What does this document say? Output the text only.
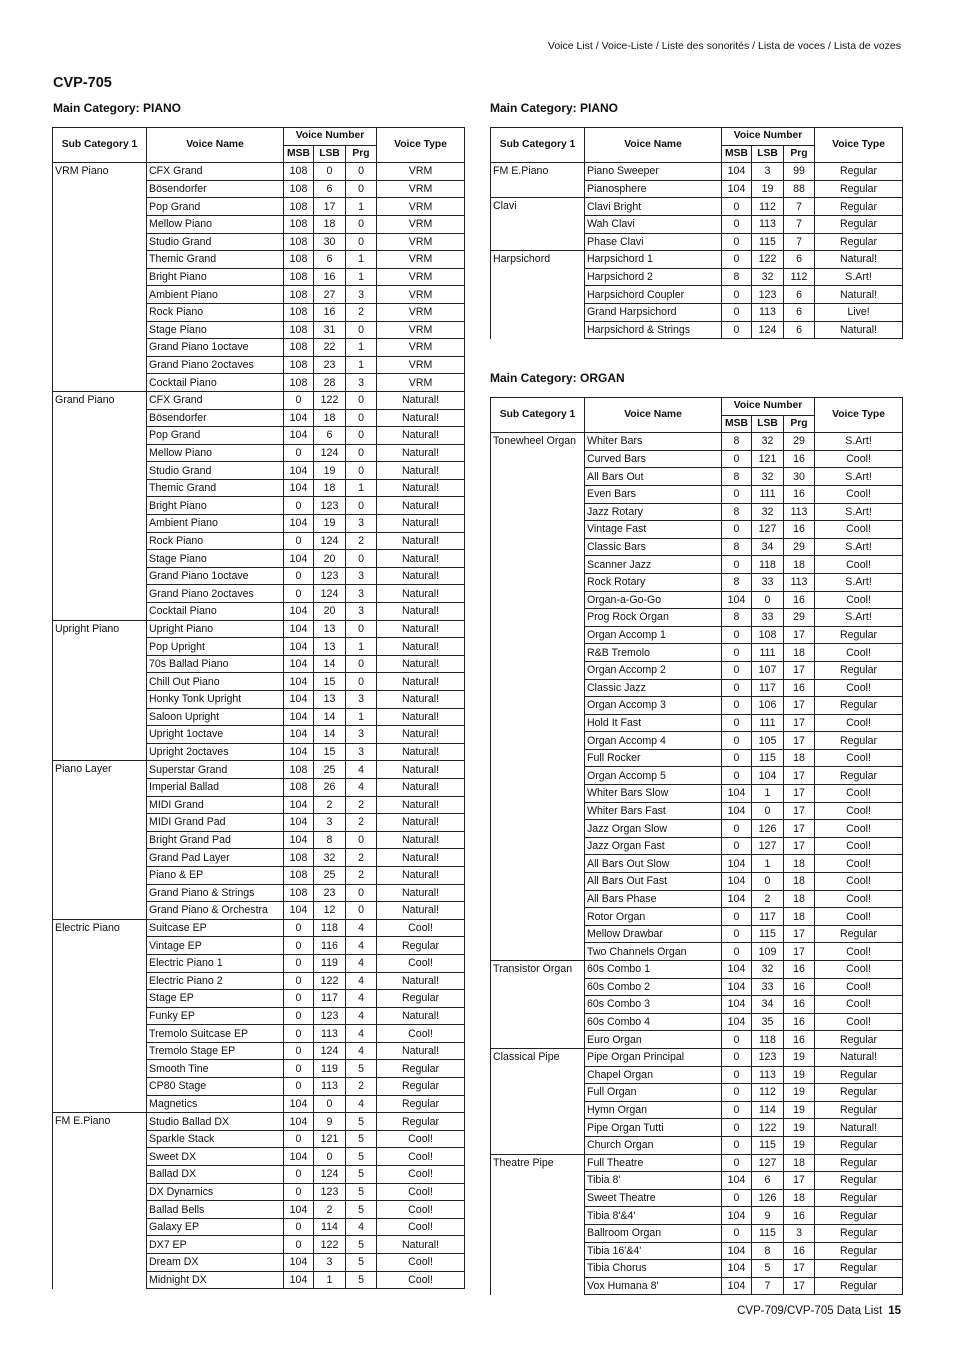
Voice List / Voice-Liste / Liste des sonorités / Lista de voces / Lista de vozes
CVP-705
Main Category: PIANO
Sub Category 1	Voice Name	Voice Number			Voice Type
		MSB	LSB	Prg	
VRM Piano	CFX Grand	108	0	0	VRM
	Bösendorfer	108	6	0	VRM
	Pop Grand	108	17	1	VRM
	Mellow Piano	108	18	0	VRM
	Studio Grand	108	30	0	VRM
	Themic Grand	108	6	1	VRM
	Bright Piano	108	16	1	VRM
	Ambient Piano	108	27	3	VRM
	Rock Piano	108	16	2	VRM
	Stage Piano	108	31	0	VRM
	Grand Piano 1octave	108	22	1	VRM
	Grand Piano 2octaves	108	23	1	VRM
	Cocktail Piano	108	28	3	VRM
Grand Piano	CFX Grand	0	122	0	Natural!
	Bösendorfer	104	18	0	Natural!
	Pop Grand	104	6	0	Natural!
	Mellow Piano	0	124	0	Natural!
	Studio Grand	104	19	0	Natural!
	Themic Grand	104	18	1	Natural!
	Bright Piano	0	123	0	Natural!
	Ambient Piano	104	19	3	Natural!
	Rock Piano	0	124	2	Natural!
	Stage Piano	104	20	0	Natural!
	Grand Piano 1octave	0	123	3	Natural!
	Grand Piano 2octaves	0	124	3	Natural!
	Cocktail Piano	104	20	3	Natural!
Upright Piano	Upright Piano	104	13	0	Natural!
	Pop Upright	104	13	1	Natural!
	70s Ballad Piano	104	14	0	Natural!
	Chill Out Piano	104	15	0	Natural!
	Honky Tonk Upright	104	13	3	Natural!
	Saloon Upright	104	14	1	Natural!
	Upright 1octave	104	14	3	Natural!
	Upright 2octaves	104	15	3	Natural!
Piano Layer	Superstar Grand	108	25	4	Natural!
	Imperial Ballad	108	26	4	Natural!
	MIDI Grand	104	2	2	Natural!
	MIDI Grand Pad	104	3	2	Natural!
	Bright Grand Pad	104	8	0	Natural!
	Grand Pad Layer	108	32	2	Natural!
	Piano & EP	108	25	2	Natural!
	Grand Piano & Strings	108	23	0	Natural!
	Grand Piano & Orchestra	104	12	0	Natural!
Electric Piano	Suitcase EP	0	118	4	Cool!
	Vintage EP	0	116	4	Regular
	Electric Piano 1	0	119	4	Cool!
	Electric Piano 2	0	122	4	Natural!
	Stage EP	0	117	4	Regular
	Funky EP	0	123	4	Natural!
	Tremolo Suitcase EP	0	113	4	Cool!
	Tremolo Stage EP	0	124	4	Natural!
	Smooth Tine	0	119	5	Regular
	CP80 Stage	0	113	2	Regular
	Magnetics	104	0	4	Regular
FM E.Piano	Studio Ballad DX	104	9	5	Regular
	Sparkle Stack	0	121	5	Cool!
	Sweet DX	104	0	5	Cool!
	Ballad DX	0	124	5	Cool!
	DX Dynamics	0	123	5	Cool!
	Ballad Bells	104	2	5	Cool!
	Galaxy EP	0	114	4	Cool!
	DX7 EP	0	122	5	Natural!
	Dream DX	104	3	5	Cool!
	Midnight DX	104	1	5	Cool!
Main Category: PIANO
Sub Category 1	Voice Name	Voice Number			Voice Type
		MSB	LSB	Prg	
FM E.Piano	Piano Sweeper	104	3	99	Regular
	Pianosphere	104	19	88	Regular
Clavi	Clavi Bright	0	112	7	Regular
	Wah Clavi	0	113	7	Regular
	Phase Clavi	0	115	7	Regular
Harpsichord	Harpsichord 1	0	122	6	Natural!
	Harpsichord 2	8	32	112	S.Art!
	Harpsichord Coupler	0	123	6	Natural!
	Grand Harpsichord	0	113	6	Live!
	Harpsichord & Strings	0	124	6	Natural!
Main Category: ORGAN
Sub Category 1	Voice Name	Voice Number			Voice Type
		MSB	LSB	Prg	
Tonewheel Organ	Whiter Bars	8	32	29	S.Art!
	Curved Bars	0	121	16	Cool!
	All Bars Out	8	32	30	S.Art!
	Even Bars	0	111	16	Cool!
	Jazz Rotary	8	32	113	S.Art!
	Vintage Fast	0	127	16	Cool!
	Classic Bars	8	34	29	S.Art!
	Scanner Jazz	0	118	18	Cool!
	Rock Rotary	8	33	113	S.Art!
	Organ-a-Go-Go	104	0	16	Cool!
	Prog Rock Organ	8	33	29	S.Art!
	Organ Accomp 1	0	108	17	Regular
	R&B Tremolo	0	111	18	Cool!
	Organ Accomp 2	0	107	17	Regular
	Classic Jazz	0	117	16	Cool!
	Organ Accomp 3	0	106	17	Regular
	Hold It Fast	0	111	17	Cool!
	Organ Accomp 4	0	105	17	Regular
	Full Rocker	0	115	18	Cool!
	Organ Accomp 5	0	104	17	Regular
	Whiter Bars Slow	104	1	17	Cool!
	Whiter Bars Fast	104	0	17	Cool!
	Jazz Organ Slow	0	126	17	Cool!
	Jazz Organ Fast	0	127	17	Cool!
	All Bars Out Slow	104	1	18	Cool!
	All Bars Out Fast	104	0	18	Cool!
	All Bars Phase	104	2	18	Cool!
	Rotor Organ	0	117	18	Cool!
	Mellow Drawbar	0	115	17	Regular
	Two Channels Organ	0	109	17	Cool!
Transistor Organ	60s Combo 1	104	32	16	Cool!
	60s Combo 2	104	33	16	Cool!
	60s Combo 3	104	34	16	Cool!
	60s Combo 4	104	35	16	Cool!
	Euro Organ	0	118	16	Regular
Classical Pipe	Pipe Organ Principal	0	123	19	Natural!
	Chapel Organ	0	113	19	Regular
	Full Organ	0	112	19	Regular
	Hymn Organ	0	114	19	Regular
	Pipe Organ Tutti	0	122	19	Natural!
	Church Organ	0	115	19	Regular
Theatre Pipe	Full Theatre	0	127	18	Regular
	Tibia 8'	104	6	17	Regular
	Sweet Theatre	0	126	18	Regular
	Tibia 8'&4'	104	9	16	Regular
	Ballroom Organ	0	115	3	Regular
	Tibia 16'&4'	104	8	16	Regular
	Tibia Chorus	104	5	17	Regular
	Vox Humana 8'	104	7	17	Regular
CVP-709/CVP-705 Data List 15
